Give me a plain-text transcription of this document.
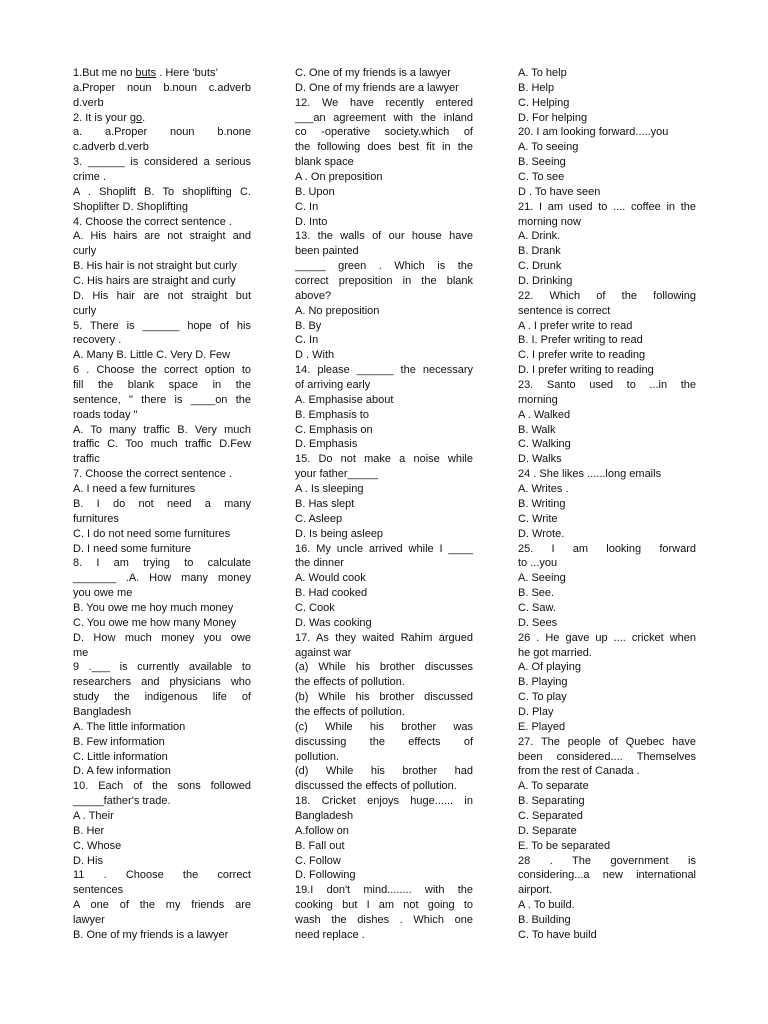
1.But me no buts . Here ‘buts’
a.Proper noun b.noun c.adverb
d.verb
2. It is your go.
a. a.Proper noun b.none
c.adverb d.verb
3. ______ is considered a serious
crime .
A . Shoplift B. To shoplifting C.
Shoplifter D. Shoplifting
4. Choose the correct sentence .
A. His hairs are not straight and
curly
B. His hair is not straight but curly
C. His hairs are straight and curly
D. His hair are not straight but
curly
5. There is ______ hope of his
recovery .
A. Many B. Little C. Very D. Few
6 . Choose the correct option to
fill the blank space in the
sentence, " there is ____on the
roads today "
A. To many traffic B. Very much
traffic C. Too much traffic D.Few
traffic
7. Choose the correct sentence .
A. I need a few furnitures
B. I do not need a many
furnitures
C. I do not need some furnitures
D. I need some furniture
8. I am trying to calculate
_______ .A. How many money
you owe me
B. You owe me hoy much money
C. You owe me how many Money
D. How much money you owe
me
9 .___ is currently available to
researchers and physicians who
study the indigenous life of
Bangladesh
A. The little information
B. Few information
C. Little information
D. A few information
10. Each of the sons followed
_____father's trade.
A . Their
B. Her
C. Whose
D. His
11 . Choose the correct
sentences
A one of the my friends are
lawyer
B. One of my friends is a lawyer
C. One of my friends is a lawyer
D. One of my friends are a lawyer
12. We have recently entered
___an agreement with the inland
co -operative society.which of
the following does best fit in the
blank space
A . On preposition
B. Upon
C. In
D. Into
13. the walls of our house have
been painted
_____ green . Which is the
correct preposition in the blank
above?
A. No preposition
B. By
C. In
D . With
14. please ______ the necessary
of arriving early
A. Emphasise about
B. Emphasis to
C. Emphasis on
D. Emphasis
15. Do not make a noise while
your father_____
A . Is sleeping
B. Has slept
C. Asleep
D. Is being asleep
16. My uncle arrived while I ____
the dinner
A. Would cook
B. Had cooked
C. Cook
D. Was cooking
17. As they waited Rahim argued
against war
(a) While his brother discusses
the effects of pollution.
(b) While his brother discussed
the effects of pollution.
(c) While his brother was
discussing the effects of
pollution.
(d) While his brother had
discussed the effects of pollution.
18. Cricket enjoys huge...... in
Bangladesh
A.follow on
B. Fall out
C. Follow
D. Following
19.I don't mind........ with the
cooking but I am not going to
wash the dishes . Which one
need replace .
A. To help
B. Help
C. Helping
D. For helping
20. I am looking forward.....you
A. To seeing
B. Seeing
C. To see
D . To have seen
21. I am used to .... coffee in the
morning now
A. Drink.
B. Drank
C. Drunk
D. Drinking
22. Which of the following
sentence is correct
A . I prefer write to read
B. I. Prefer writing to read
C. I prefer write to reading
D. I prefer writing to reading
23. Santo used to ...in the
morning
A . Walked
B. Walk
C. Walking
D. Walks
24 . She likes ......long emails
A. Writes .
B. Writing
C. Write
D. Wrote.
25. I am looking forward
to ...you
A. Seeing
B. See.
C. Saw.
D. Sees
26 . He gave up .... cricket when
he got married.
A. Of playing
B. Playing
C. To play
D. Play
E. Played
27. The people of Quebec have
been considered.... Themselves
from the rest of Canada .
A. To separate
B. Separating
C. Separated
D. Separate
E. To be separated
28 . The government is
considering...a new international
airport.
A . To build.
B. Building
C. To have build
